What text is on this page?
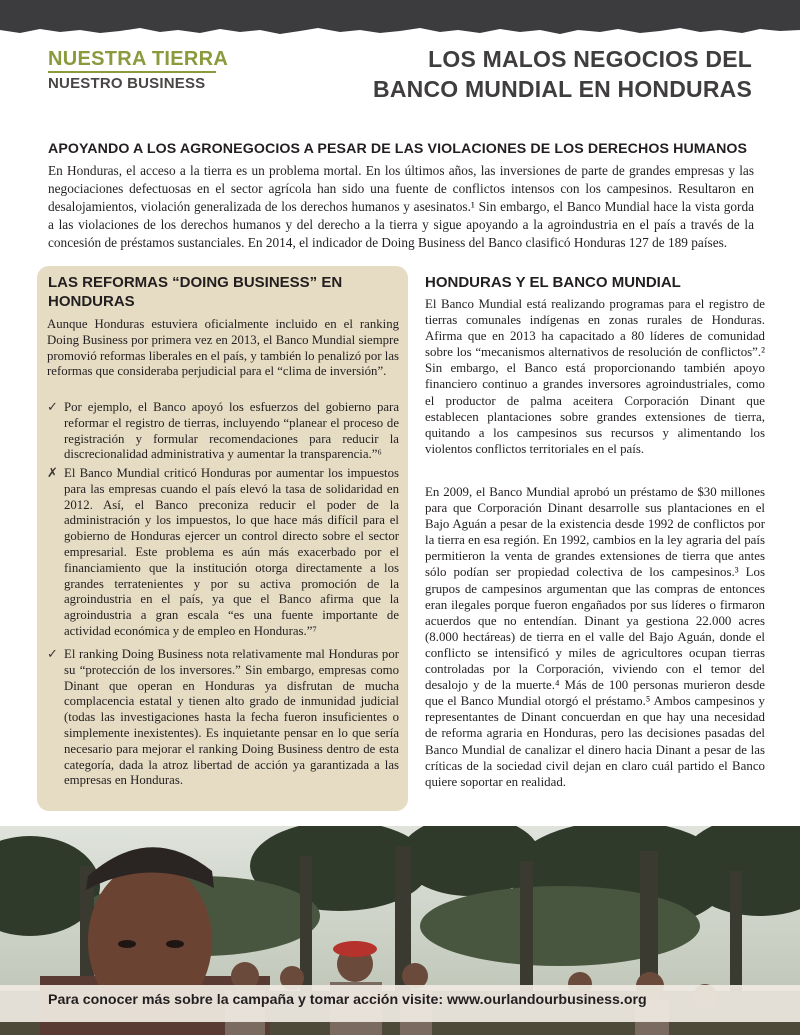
NUESTRA TIERRA
NUESTRO BUSINESS
LOS MALOS NEGOCIOS DEL
BANCO MUNDIAL EN HONDURAS
APOYANDO A LOS AGRONEGOCIOS A PESAR DE LAS VIOLACIONES DE LOS DERECHOS HUMANOS
En Honduras, el acceso a la tierra es un problema mortal. En los últimos años, las inversiones de parte de grandes empresas y las negociaciones defectuosas en el sector agrícola han sido una fuente de conflictos intensos con los campesinos. Resultaron en desalojamientos, violación generalizada de los derechos humanos y asesinatos.¹ Sin embargo, el Banco Mundial hace la vista gorda a las violaciones de los derechos humanos y del derecho a la tierra y sigue apoyando a la agroindustria en el país a través de la concesión de préstamos sustanciales. En 2014, el indicador de Doing Business del Banco clasificó Honduras 127 de 189 países.
LAS REFORMAS “DOING BUSINESS” EN HONDURAS
Aunque Honduras estuviera oficialmente incluido en el ranking Doing Business por primera vez en 2013, el Banco Mundial siempre promovió reformas liberales en el país, y también lo penalizó por las reformas que consideraba perjudicial para el “clima de inversión”.
✓ Por ejemplo, el Banco apoyó los esfuerzos del gobierno para reformar el registro de tierras, incluyendo “planear el proceso de registración y formular recomendaciones para reducir la discrecionalidad administrativa y aumentar la transparencia.”⁶
✗ El Banco Mundial criticó Honduras por aumentar los impuestos para las empresas cuando el país elevó la tasa de solidaridad en 2012. Así, el Banco preconiza reducir el poder de la administración y los impuestos, lo que hace más difícil para el gobierno de Honduras ejercer un control directo sobre el sector empresarial. Este problema es aún más exacerbado por el financiamiento que la institución otorga directamente a los grandes terratenientes y por su activa promoción de la agroindustria en el país, ya que el Banco afirma que la agroindustria a gran escala “es una fuente importante de actividad económica y de empleo en Honduras.”⁷
✓ El ranking Doing Business nota relativamente mal Honduras por su “protección de los inversores.” Sin embargo, empresas como Dinant que operan en Honduras ya disfrutan de mucha complacencia estatal y tienen alto grado de inmunidad judicial (todas las investigaciones hasta la fecha fueron insuficientes o simplemente inexistentes). Es inquietante pensar en lo que sería necesario para mejorar el ranking Doing Business dentro de esta categoría, dada la atroz libertad de acción ya garantizada a las empresas en Honduras.
HONDURAS Y EL BANCO MUNDIAL
El Banco Mundial está realizando programas para el registro de tierras comunales indígenas en zonas rurales de Honduras. Afirma que en 2013 ha capacitado a 80 líderes de comunidad sobre los “mecanismos alternativos de resolución de conflictos”.² Sin embargo, el Banco está proporcionando también apoyo financiero continuo a grandes inversores agroindustriales, como el productor de palma aceitera Corporación Dinant que establecen plantaciones sobre grandes extensiones de tierra, quitando a los campesinos sus recursos y alimentando los violentos conflictos territoriales en el país.
En 2009, el Banco Mundial aprobó un préstamo de $30 millones para que Corporación Dinant desarrolle sus plantaciones en el Bajo Aguán a pesar de la existencia desde 1992 de conflictos por la tierra en esa región. En 1992, cambios en la ley agraria del país permitieron la venta de grandes extensiones de tierra que antes sólo podían ser propiedad colectiva de los campesinos.³ Los grupos de campesinos argumentan que las compras de entonces eran ilegales porque fueron engañados por sus líderes o firmaron acuerdos que no entendían. Dinant ya gestiona 22.000 acres (8.000 hectáreas) de tierra en el valle del Bajo Aguán, donde el conflicto se intensificó y miles de agricultores ocupan tierras controladas por la Corporación, viviendo con el temor del desalojo y de la muerte.⁴ Más de 100 personas murieron desde que el Banco Mundial otorgó el préstamo.⁵ Ambos campesinos y representantes de Dinant concuerdan en que hay una necesidad de reforma agraria en Honduras, pero las decisiones pasadas del Banco Mundial de canalizar el dinero hacia Dinant a pesar de las críticas de la sociedad civil dejan en claro cuál partido el Banco quiere soportar en realidad.
Para conocer más sobre la campaña y tomar acción visite: www.ourlandourbusiness.org
